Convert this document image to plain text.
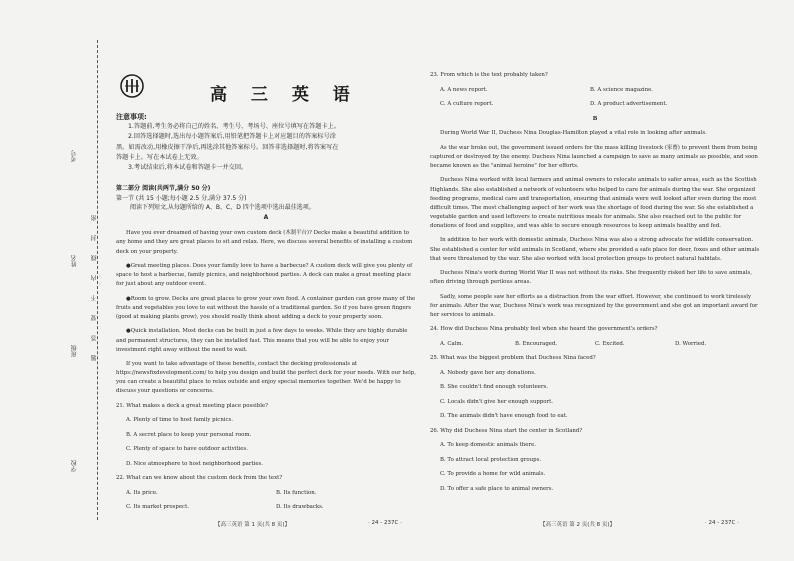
考号
姓名
班级
学校
密
封
线
内
不
要
答
题
高 三 英 语
注意事项:
1.答题前,考生务必将自己的姓名、考生号、考场号、座位号填写在答题卡上。
2.回答选择题时,选出每小题答案后,用铅笔把答题卡上对应题目的答案标号涂
黑。如需改动,用橡皮擦干净后,再选涂其他答案标号。回答非选择题时,将答案写在
答题卡上。写在本试卷上无效。
3.考试结束后,将本试卷和答题卡一并交回。
第二部分 阅读(共两节,满分 50 分)
第一节 (共 15 小题;每小题 2.5 分,满分 37.5 分)
阅读下列短文,从每题所给的 A、B、C、D 四个选项中选出最佳选项。
A

Have you ever dreamed of having your own custom deck (木制平台)? Decks make a beautiful addition to any home and they are great places to sit and relax. Here, we discuss several benefits of installing a custom deck on your property.

●Great meeting places. Does your family love to have a barbecue? A custom deck will give you plenty of space to host a barbecue, family picnics, and neighborhood parties. A deck can make a great meeting place for just about any outdoor event.

●Room to grow. Decks are great places to grow your own food. A container garden can grow many of the fruits and vegetables you love to eat without the hassle of a traditional garden. So if you have green fingers (good at making plants grow), you should really think about adding a deck to your property soon.

●Quick installation. Most decks can be built in just a few days to weeks. While they are highly durable and permanent structures, they can be installed fast. This means that you will be able to enjoy your investment right away without the need to wait.

If you want to take advantage of these benefits, contact the decking professionals at https://newsfixdevelopment.com/ to help you design and build the perfect deck for your needs. With our help, you can create a beautiful place to relax outside and enjoy special memories together. We'd be happy to discuss your questions or concerns.

21. What makes a deck a great meeting place possible?

A. Plenty of time to host family picnics.

B. A secret place to keep your personal room.

C. Plenty of space to have outdoor activities.

D. Nice atmosphere to host neighborhood parties.

22. What can we know about the custom deck from the text?

A. Its price.	B. Its function.

C. Its market prospect.	D. Its drawbacks.

23. From which is the text probably taken?

A. A news report.	B. A science magazine.

C. A culture report.	D. A product advertisement.

B

During World War II, Duchess Nina Douglas-Hamilton played a vital role in looking after animals.

As the war broke out, the government issued orders for the mass killing livestock (家畜) to prevent them from being captured or destroyed by the enemy. Duchess Nina launched a campaign to save as many animals as possible, and soon became known as the "animal heroine" for her efforts.

Duchess Nina worked with local farmers and animal owners to relocate animals to safer areas, such as the Scottish Highlands. She also established a network of volunteers who helped to care for animals during the war. She organized feeding programs, medical care and transportation, ensuring that animals were well looked after even during the most difficult times. The most challenging aspect of her work was the shortage of food during the war. So she established a vegetable garden and used leftovers to create nutritious meals for animals. She also reached out to the public for donations of food and supplies, and was able to secure enough resources to keep animals healthy and fed.

In addition to her work with domestic animals, Duchess Nina was also a strong advocate for wildlife conservation. She established a center for wild animals in Scotland, where she provided a safe place for deer, foxes and other animals that were threatened by the war. She also worked with local protection groups to protect natural habitats.

Duchess Nina's work during World War II was not without its risks. She frequently risked her life to save animals, often driving through perilous areas.

Sadly, some people saw her efforts as a distraction from the war effort. However, she continued to work tirelessly for animals. After the war, Duchess Nina's work was recognized by the government and she got an important award for her services to animals.

24. How did Duchess Nina probably feel when she heard the government's orders?

A. Calm.	B. Encouraged.	C. Excited.	D. Worried.

25. What was the biggest problem that Duchess Nina faced?

A. Nobody gave her any donations.

B. She couldn't find enough volunteers.

C. Locals didn't give her enough support.

D. The animals didn't have enough food to eat.

26. Why did Duchess Nina start the center in Scotland?

A. To keep domestic animals there.

B. To attract local protection groups.

C. To provide a home for wild animals.

D. To offer a safe place to animal owners.

【高三英语 第 1 页(共 8 页)】	· 24 - 237C ·	【高三英语 第 2 页(共 8 页)】	· 24 - 237C ·
